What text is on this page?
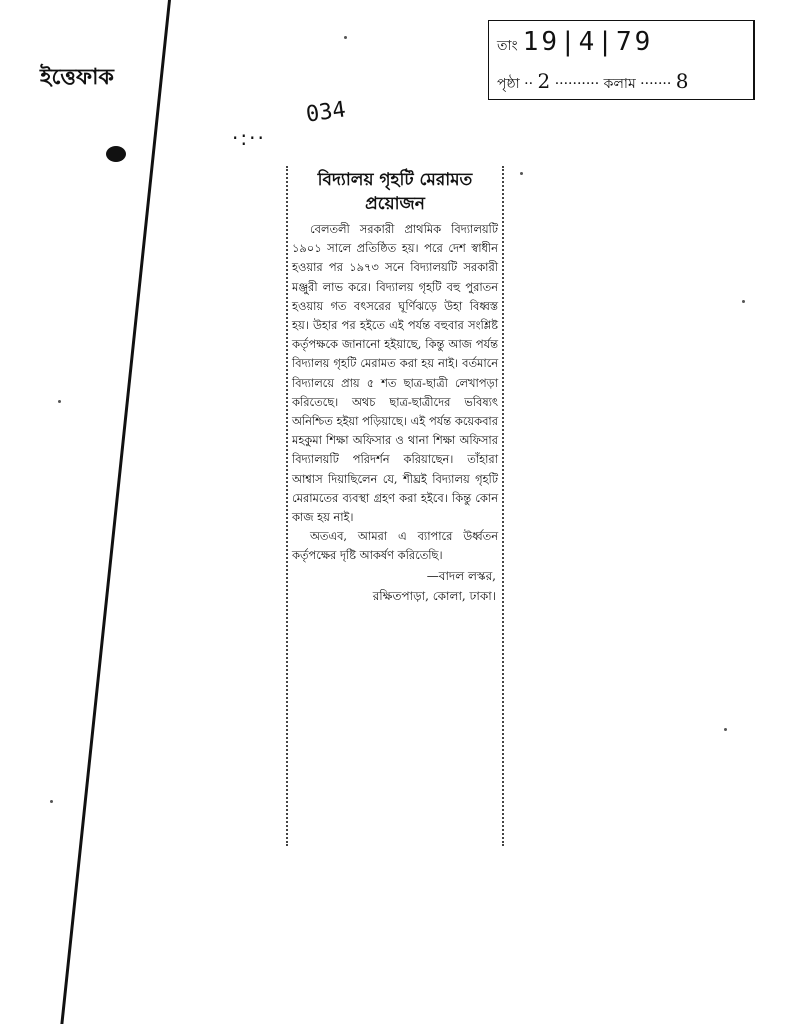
ইত্তেফাক
তাং 19|4|79
পৃষ্ঠা ·· 2 ·········· কলাম ······· 8
·:··
034
বিদ্যালয় গৃহটি মেরামত
প্রয়োজন

বেলতলী সরকারী প্রাথমিক বিদ্যালয়টি ১৯০১ সালে প্রতিষ্ঠিত হয়। পরে দেশ স্বাধীন হওয়ার পর ১৯৭৩ সনে বিদ্যালয়টি সরকারী মঞ্জুরী লাভ করে। বিদ্যালয় গৃহটি বহু পুরাতন হওয়ায় গত বৎসরের ঘূর্ণিঝড়ে উহা বিধ্বস্ত হয়। উহার পর হইতে এই পর্যন্ত বহুবার সংশ্লিষ্ট কর্তৃপক্ষকে জানানো হইয়াছে, কিন্তু আজ পর্যন্ত বিদ্যালয় গৃহটি মেরামত করা হয় নাই। বর্তমানে বিদ্যালয়ে প্রায় ৫ শত ছাত্র-ছাত্রী লেখাপড়া করিতেছে। অথচ ছাত্র-ছাত্রীদের ভবিষ্যৎ অনিশ্চিত হইয়া পড়িয়াছে। এই পর্যন্ত কয়েকবার মহকুমা শিক্ষা অফিসার ও থানা শিক্ষা অফিসার বিদ্যালয়টি পরিদর্শন করিয়াছেন। তাঁহারা আশ্বাস দিয়াছিলেন যে, শীঘ্রই বিদ্যালয় গৃহটি মেরামতের ব্যবস্থা গ্রহণ করা হইবে। কিন্তু কোন কাজ হয় নাই।

অতএব, আমরা এ ব্যাপারে উর্ধ্বতন কর্তৃপক্ষের দৃষ্টি আকর্ষণ করিতেছি।

—বাদল লস্কর,
রক্ষিতপাড়া, কোলা, ঢাকা।
